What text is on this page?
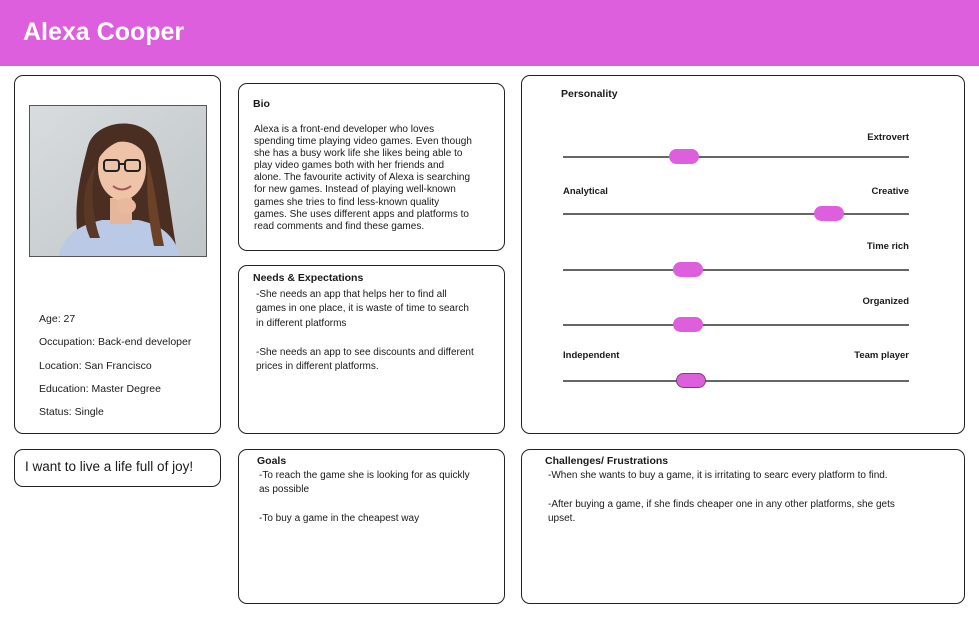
Alexa Cooper
Age: 27
Occupation: Back-end developer
Location: San Francisco
Education: Master Degree
Status: Single
I want to live a life full of joy!
Bio
Alexa is a front-end developer who loves
spending time playing video games. Even though
she has a busy work life she likes being able to
play video games both with her friends and
alone. The favourite activity of Alexa is searching
for new games. Instead of playing well-known
games she tries to find less-known quality
games. She uses different apps and platforms to
read comments and find these games.
Needs & Expectations

-She needs an app that helps her to find all
games in one place, it is waste of time to search
in different platforms

-She needs an app to see discounts and different
prices in different platforms.

Goals

-To reach the game she is looking for as quickly
as possible

-To buy a game in the cheapest way

Personality
Extrovert
Analytical	Creative
Time rich
Organized
Independent	Team player
Challenges/ Frustrations

-When she wants to buy a game, it is irritating to searc every platform to find.

-After buying a game, if she finds cheaper one in any other platforms, she gets
upset.
